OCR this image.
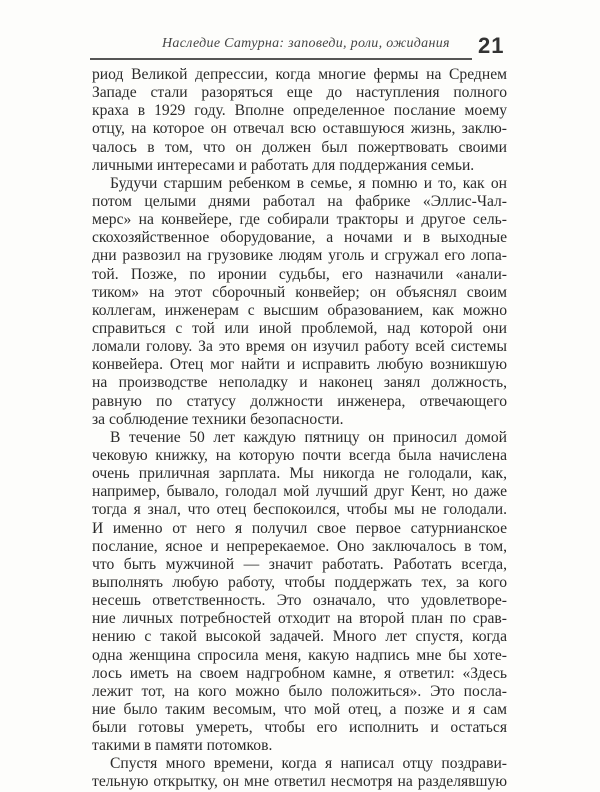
Наследие Сатурна: заповеди, роли, ожидания 21
риод Великой депрессии, когда многие фермы на Среднем
Западе стали разоряться еще до наступления полного
краха в 1929 году. Вполне определенное послание моему
отцу, на которое он отвечал всю оставшуюся жизнь, заклю-
чалось в том, что он должен был пожертвовать своими
личными интересами и работать для поддержания семьи.
Будучи старшим ребенком в семье, я помню и то, как он
потом целыми днями работал на фабрике «Эллис-Чал-
мерс» на конвейере, где собирали тракторы и другое сель-
скохозяйственное оборудование, а ночами и в выходные
дни развозил на грузовике людям уголь и сгружал его лопа-
той. Позже, по иронии судьбы, его назначили «анали-
тиком» на этот сборочный конвейер; он объяснял своим
коллегам, инженерам с высшим образованием, как можно
справиться с той или иной проблемой, над которой они
ломали голову. За это время он изучил работу всей системы
конвейера. Отец мог найти и исправить любую возникшую
на производстве неполадку и наконец занял должность,
равную по статусу должности инженера, отвечающего
за соблюдение техники безопасности.
В течение 50 лет каждую пятницу он приносил домой
чековую книжку, на которую почти всегда была начислена
очень приличная зарплата. Мы никогда не голодали, как,
например, бывало, голодал мой лучший друг Кент, но даже
тогда я знал, что отец беспокоился, чтобы мы не голодали.
И именно от него я получил свое первое сатурнианское
послание, ясное и непререкаемое. Оно заключалось в том,
что быть мужчиной — значит работать. Работать всегда,
выполнять любую работу, чтобы поддержать тех, за кого
несешь ответственность. Это означало, что удовлетворе-
ние личных потребностей отходит на второй план по срав-
нению с такой высокой задачей. Много лет спустя, когда
одна женщина спросила меня, какую надпись мне бы хоте-
лось иметь на своем надгробном камне, я ответил: «Здесь
лежит тот, на кого можно было положиться». Это посла-
ние было таким весомым, что мой отец, а позже и я сам
были готовы умереть, чтобы его исполнить и остаться
такими в памяти потомков.
Спустя много времени, когда я написал отцу поздрави-
тельную открытку, он мне ответил несмотря на разделявшую
